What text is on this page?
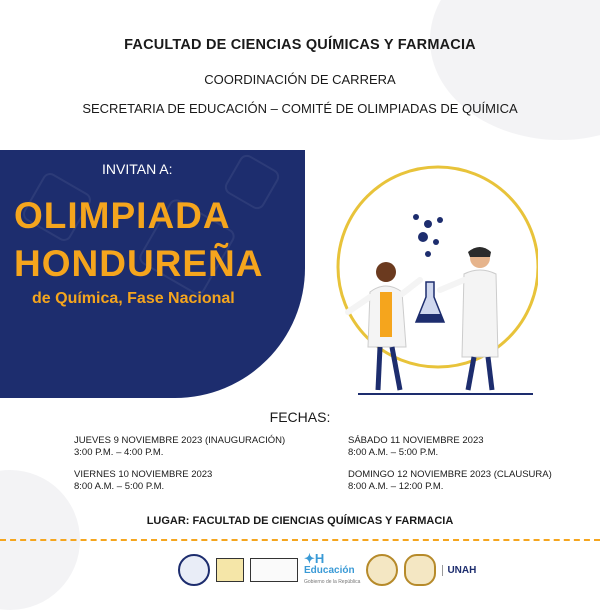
FACULTAD DE CIENCIAS QUÍMICAS Y FARMACIA
COORDINACIÓN DE CARRERA
SECRETARIA DE EDUCACIÓN – COMITÉ DE OLIMPIADAS DE QUÍMICA
INVITAN A:
OLIMPIADA
HONDUREÑA
de Química, Fase Nacional
FECHAS:
JUEVES 9 NOVIEMBRE 2023 (INAUGURACIÓN)
3:00 P.M. – 4:00 P.M.
VIERNES 10 NOVIEMBRE 2023
8:00 A.M. – 5:00 P.M.
SÁBADO 11 NOVIEMBRE 2023
8:00 A.M. – 5:00 P.M.
DOMINGO 12 NOVIEMBRE 2023 (CLAUSURA)
8:00 A.M. – 12:00 P.M.
LUGAR: FACULTAD DE CIENCIAS QUÍMICAS Y FARMACIA
✦H
Educación
Gobierno de la República
UNAH
